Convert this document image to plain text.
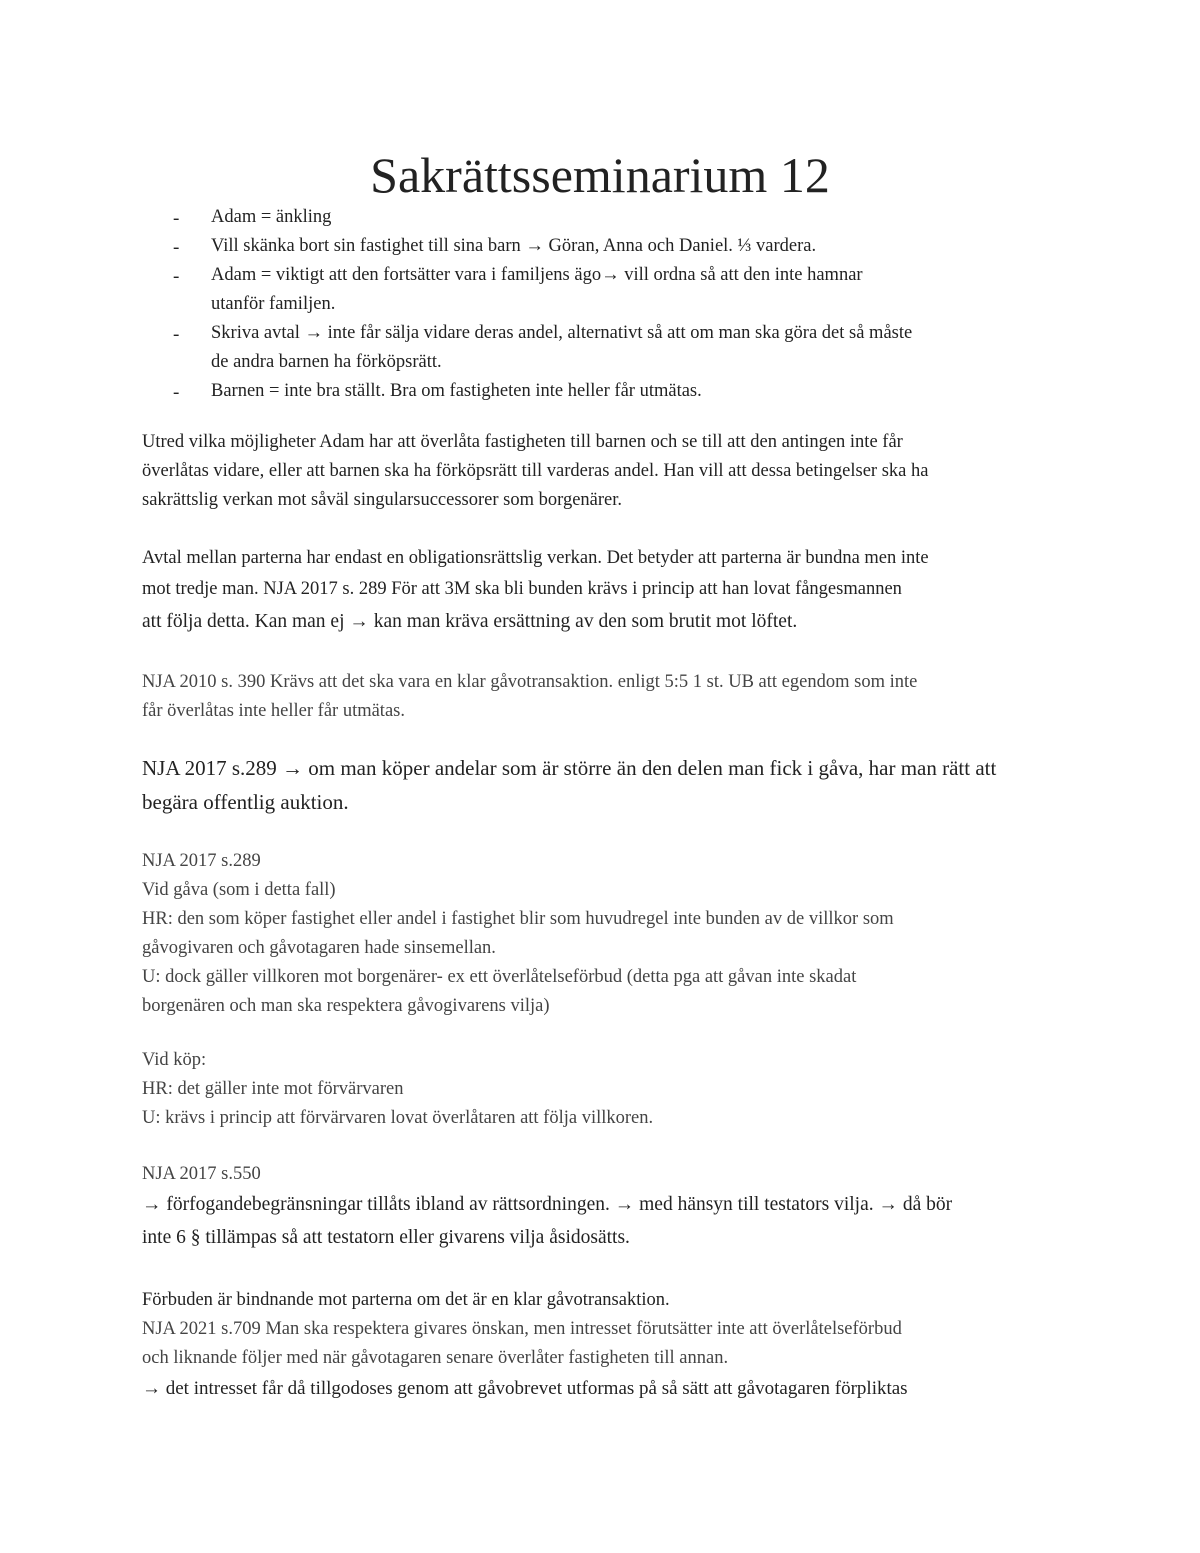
Sakrättsseminarium 12
- Adam = änkling
- Vill skänka bort sin fastighet till sina barn → Göran, Anna och Daniel. ⅓ vardera.
- Adam = viktigt att den fortsätter vara i familjens ägo→ vill ordna så att den inte hamnar
utanför familjen.
- Skriva avtal → inte får sälja vidare deras andel, alternativt så att om man ska göra det så måste
de andra barnen ha förköpsrätt.
- Barnen = inte bra ställt. Bra om fastigheten inte heller får utmätas.
Utred vilka möjligheter Adam har att överlåta fastigheten till barnen och se till att den antingen inte får
överlåtas vidare, eller att barnen ska ha förköpsrätt till varderas andel. Han vill att dessa betingelser ska ha
sakrättslig verkan mot såväl singularsuccessorer som borgenärer.
Avtal mellan parterna har endast en obligationsrättslig verkan. Det betyder att parterna är bundna men inte
mot tredje man. NJA 2017 s. 289 För att 3M ska bli bunden krävs i princip att han lovat fångesmannen
att följa detta. Kan man ej → kan man kräva ersättning av den som brutit mot löftet.
NJA 2010 s. 390 Krävs att det ska vara en klar gåvotransaktion. enligt 5:5 1 st. UB att egendom som inte
får överlåtas inte heller får utmätas.
NJA 2017 s.289 → om man köper andelar som är större än den delen man fick i gåva, har man rätt att
begära offentlig auktion.
NJA 2017 s.289
Vid gåva (som i detta fall)
HR: den som köper fastighet eller andel i fastighet blir som huvudregel inte bunden av de villkor som
gåvogivaren och gåvotagaren hade sinsemellan.
U: dock gäller villkoren mot borgenärer- ex ett överlåtelseförbud (detta pga att gåvan inte skadat
borgenären och man ska respektera gåvogivarens vilja)
Vid köp:
HR: det gäller inte mot förvärvaren
U: krävs i princip att förvärvaren lovat överlåtaren att följa villkoren.
NJA 2017 s.550
→ förfogandebegränsningar tillåts ibland av rättsordningen. → med hänsyn till testators vilja. → då bör
inte 6 § tillämpas så att testatorn eller givarens vilja åsidosätts.
Förbuden är bindnande mot parterna om det är en klar gåvotransaktion.
NJA 2021 s.709 Man ska respektera givares önskan, men intresset förutsätter inte att överlåtelseförbud
och liknande följer med när gåvotagaren senare överlåter fastigheten till annan.
→ det intresset får då tillgodoses genom att gåvobrevet utformas på så sätt att gåvotagaren förpliktas
